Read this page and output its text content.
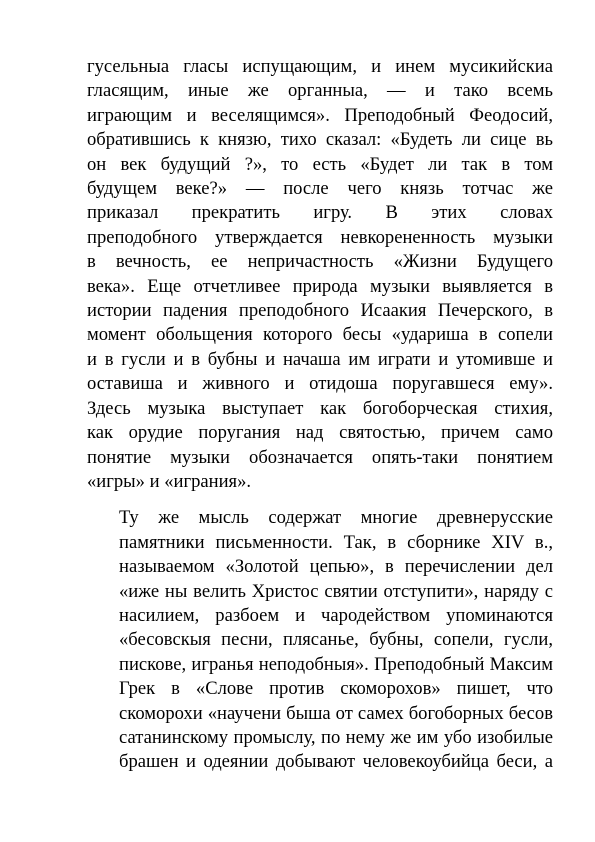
гусельныа гласы испущающим, и инем мусикийскиа
гласящим, иные же органныа, — и тако всемь
играющим и веселящимся». Преподобный Феодосий,
обратившись к князю, тихо сказал: «Будеть ли сице вь
он век будущий ?», то есть «Будет ли так в том
будущем веке?» — после чего князь тотчас же
приказал прекратить игру. В этих словах
преподобного утверждается невкорененность музыки
в вечность, ее непричастность «Жизни Будущего
века». Еще отчетливее природа музыки выявляется в
истории падения преподобного Исаакия Печерского, в
момент обольщения которого бесы «удариша в сопели
и в гусли и в бубны и начаша им играти и утомивше и
оставиша и живного и отидоша поругавшеся ему».
Здесь музыка выступает как богоборческая стихия,
как орудие поругания над святостью, причем само
понятие музыки обозначается опять-таки понятием
«игры» и «играния».
Ту же мысль содержат многие древнерусские
памятники письменности. Так, в сборнике XIV в.,
называемом «Золотой цепью», в перечислении дел
«иже ны велить Христос святии отступити», наряду с
насилием, разбоем и чародейством упоминаются
«бесовскыя песни, плясанье, бубны, сопели, гусли,
пискове, игранья неподобныя». Преподобный Максим
Грек в «Слове против скоморохов» пишет, что
скоморохи «научени быша от самех богоборных бесов
сатанинскому промыслу, по нему же им убо изобилые
брашен и одеянии добывают человекоубийца беси, а
